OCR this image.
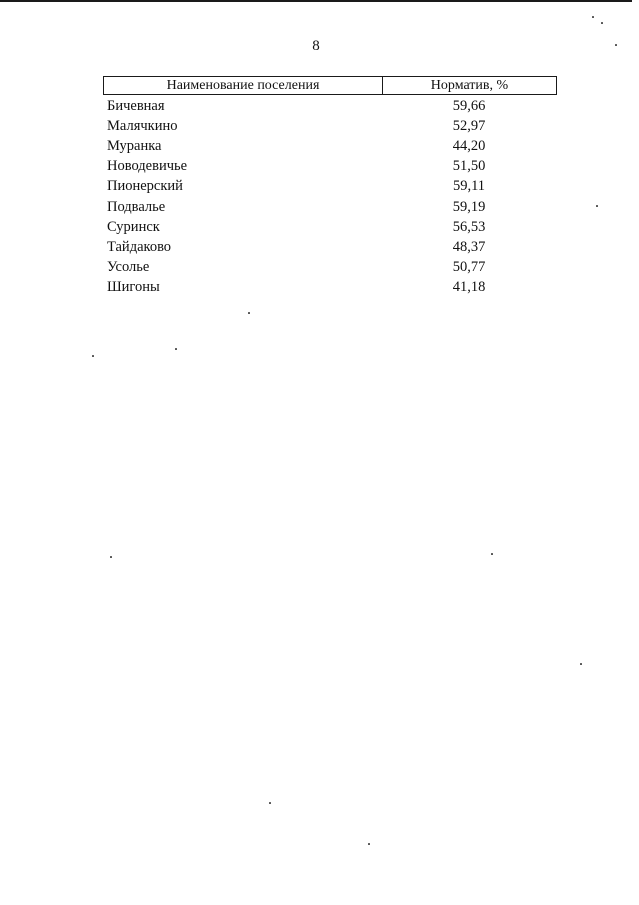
8
Наименование поселения	Норматив, %
Бичевная	59,66
Малячкино	52,97
Муранка	44,20
Новодевичье	51,50
Пионерский	59,11
Подвалье	59,19
Суринск	56,53
Тайдаково	48,37
Усолье	50,77
Шигоны	41,18
